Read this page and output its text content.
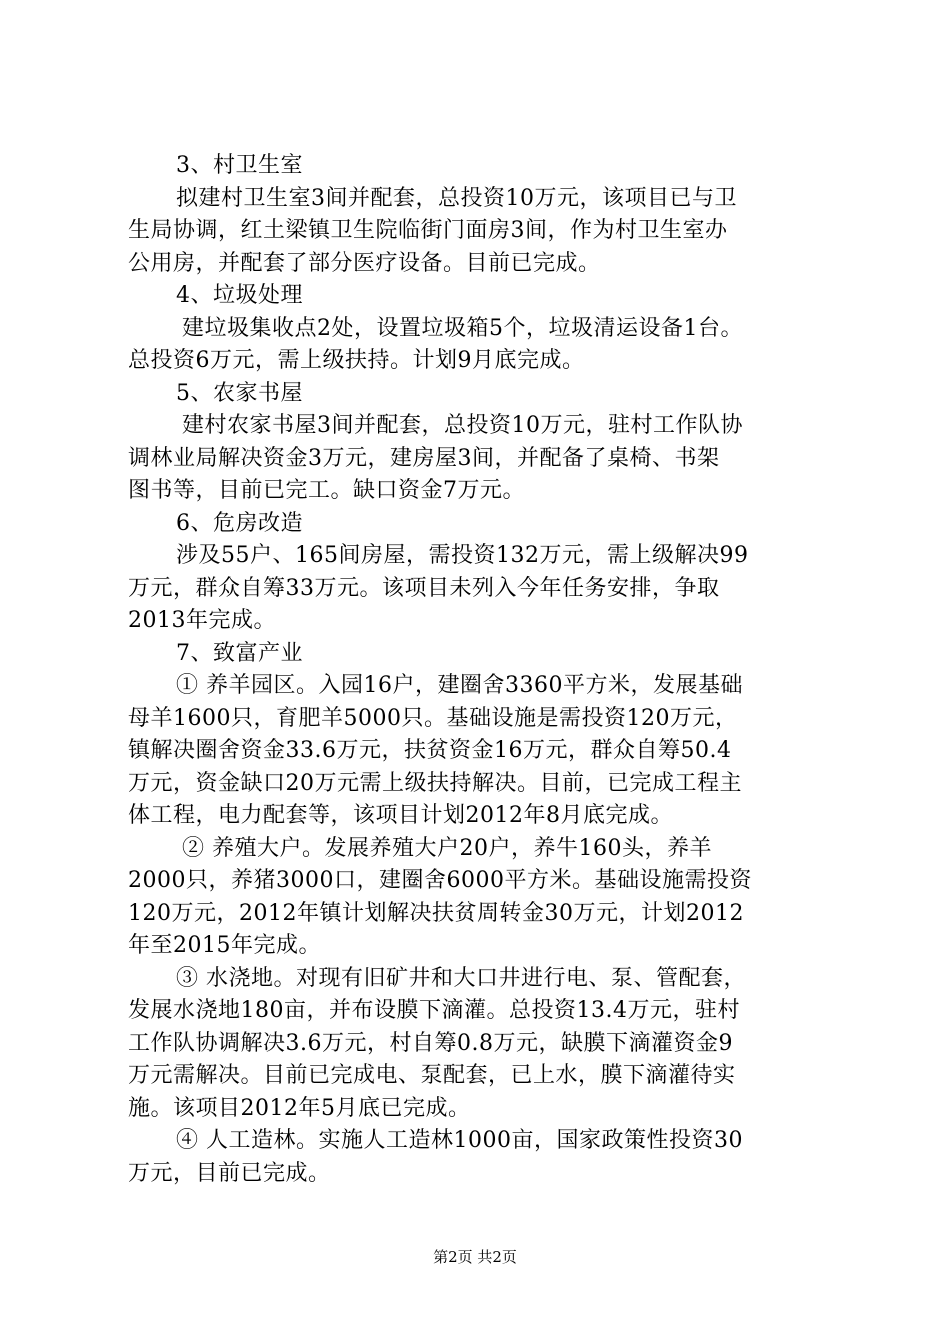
3、村卫生室
拟建村卫生室3间并配套，总投资10万元，该项目已与卫
生局协调，红土梁镇卫生院临街门面房3间，作为村卫生室办
公用房，并配套了部分医疗设备。目前已完成。
4、垃圾处理
建垃圾集收点2处，设置垃圾箱5个，垃圾清运设备1台。
总投资6万元，需上级扶持。计划9月底完成。
5、农家书屋
建村农家书屋3间并配套，总投资10万元，驻村工作队协
调林业局解决资金3万元，建房屋3间，并配备了桌椅、书架
图书等，目前已完工。缺口资金7万元。
6、危房改造
涉及55户、165间房屋，需投资132万元，需上级解决99
万元，群众自筹33万元。该项目未列入今年任务安排，争取
2013年完成。
7、致富产业
① 养羊园区。入园16户，建圈舍3360平方米，发展基础
母羊1600只，育肥羊5000只。基础设施是需投资120万元，
镇解决圈舍资金33.6万元，扶贫资金16万元，群众自筹50.4
万元，资金缺口20万元需上级扶持解决。目前，已完成工程主
体工程，电力配套等，该项目计划2012年8月底完成。
② 养殖大户。发展养殖大户20户，养牛160头，养羊
2000只，养猪3000口，建圈舍6000平方米。基础设施需投资
120万元，2012年镇计划解决扶贫周转金30万元，计划2012
年至2015年完成。
③ 水浇地。对现有旧矿井和大口井进行电、泵、管配套，
发展水浇地180亩，并布设膜下滴灌。总投资13.4万元，驻村
工作队协调解决3.6万元，村自筹0.8万元，缺膜下滴灌资金9
万元需解决。目前已完成电、泵配套，已上水，膜下滴灌待实
施。该项目2012年5月底已完成。
④ 人工造林。实施人工造林1000亩，国家政策性投资30
万元，目前已完成。
第2页 共2页
